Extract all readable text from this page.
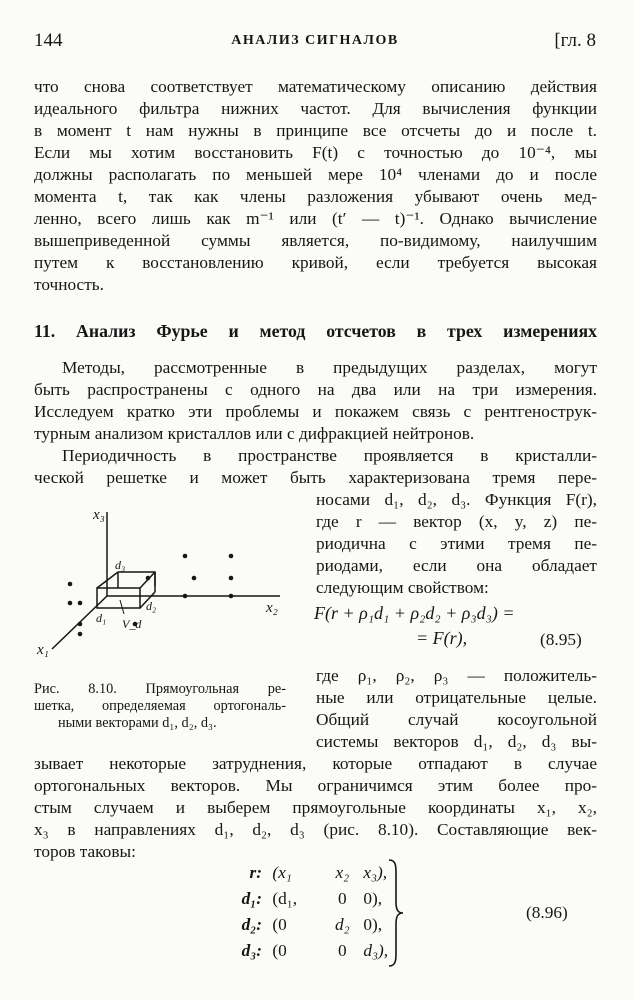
144	АНАЛИЗ СИГНАЛОВ	[гл. 8
что снова соответствует математическому описанию действия
идеального фильтра нижних частот. Для вычисления функции
в момент t нам нужны в принципе все отсчеты до и после t.
Если мы хотим восстановить F(t) с точностью до 10⁻⁴, мы
должны располагать по меньшей мере 10⁴ членами до и после
момента t, так как члены разложения убывают очень мед-
ленно, всего лишь как m⁻¹ или (t′ — t)⁻¹. Однако вычисление
вышеприведенной суммы является, по-видимому, наилучшим
путем к восстановлению кривой, если требуется высокая
точность.
11. Анализ Фурье и метод отсчетов в трех измерениях
Методы, рассмотренные в предыдущих разделах, могут
быть распространены с одного на два или на три измерения.
Исследуем кратко эти проблемы и покажем связь с рентгенострук-
турным анализом кристаллов или с дифракцией нейтронов.
Периодичность в пространстве проявляется в кристалли-
ческой решетке и может быть характеризована тремя пере-
носами d₁, d₂, d₃. Функция F(r),
где r — вектор (x, y, z) пе-
риодична с этими тремя пе-
риодами, если она обладает
следующим свойством:
F(r + ρ₁d₁ + ρ₂d₂ + ρ₃d₃) =
= F(r),	(8.95)
x₃
x₂
x₁
d₃
d₂
d₁ V_d
Рис. 8.10. Прямоугольная ре-
шетка, определяемая ортогональ-
ными векторами d₁, d₂, d₃.
где ρ₁, ρ₂, ρ₃ — положитель-
ные или отрицательные целые.
Общий случай косоугольной
системы векторов d₁, d₂, d₃ вы-
зывает некоторые затруднения, которые отпадают в случае
ортогональных векторов. Мы ограничимся этим более про-
стым случаем и выберем прямоугольные координаты x₁, x₂,
x₃ в направлениях d₁, d₂, d₃ (рис. 8.10). Составляющие век-
торов таковы:
r: (x₁	x₂ x₃),
d₁: (d₁, 0 0),
d₂: (0	d₂ 0),
d₃: (0	0 d₃),
(8.96)
